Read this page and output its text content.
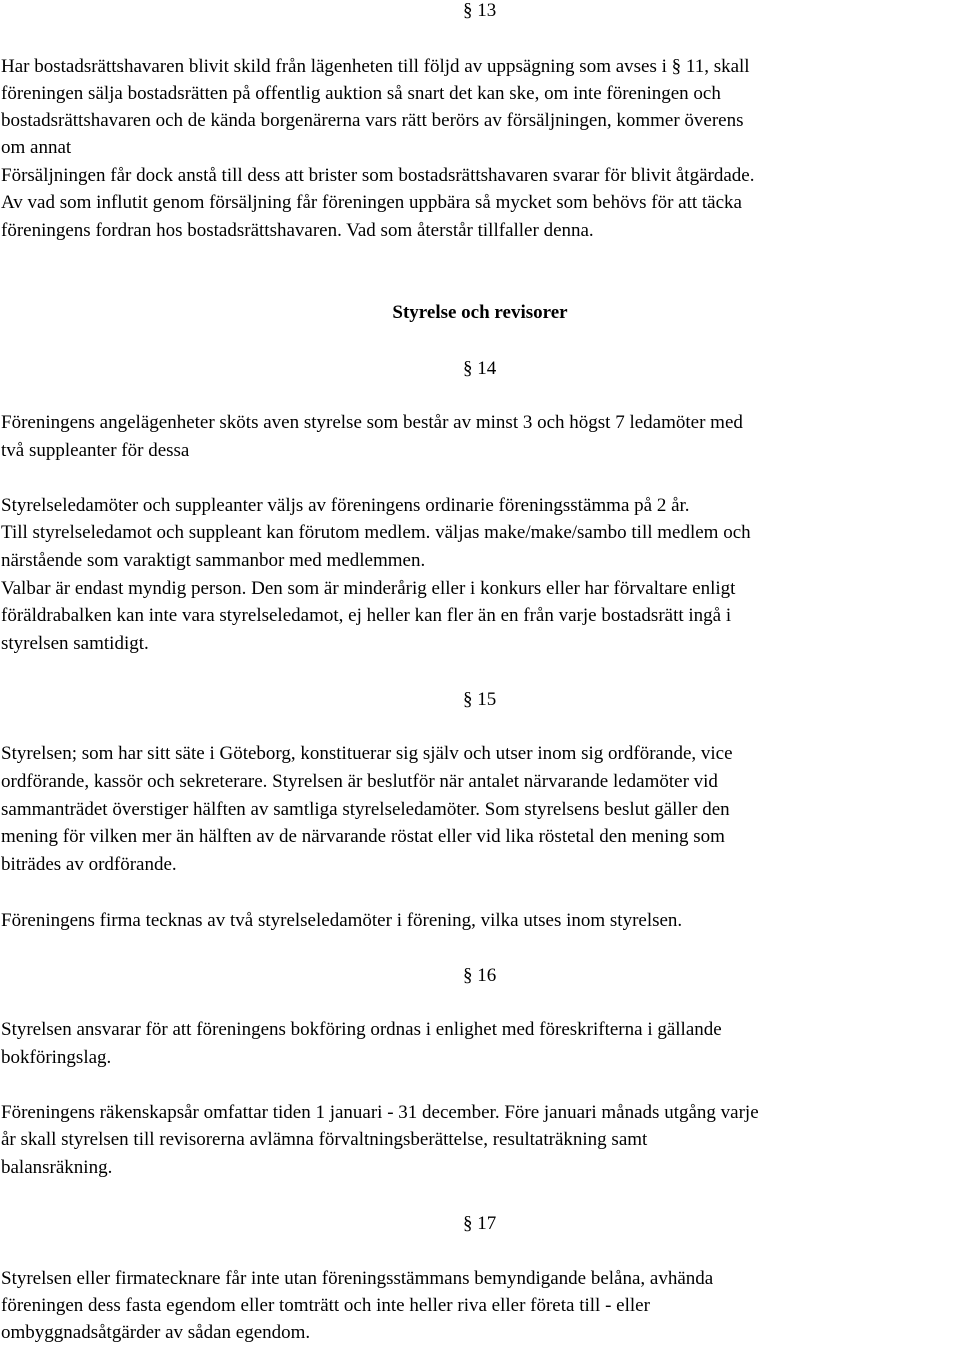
§ 13
Har bostadsrättshavaren blivit skild från lägenheten till följd av uppsägning som avses i § 11, skall
föreningen sälja bostadsrätten på offentlig auktion så snart det kan ske, om inte föreningen och
bostadsrättshavaren och de kända borgenärerna vars rätt berörs av försäljningen, kommer överens
om annat
Försäljningen får dock anstå till dess att brister som bostadsrättshavaren svarar för blivit åtgärdade.
Av vad som influtit genom försäljning får föreningen uppbära så mycket som behövs för att täcka
föreningens fordran hos bostadsrättshavaren. Vad som återstår tillfaller denna.
Styrelse och revisorer
§ 14
Föreningens angelägenheter sköts aven styrelse som består av minst 3 och högst 7 ledamöter med
två suppleanter för dessa
Styrelseledamöter och suppleanter väljs av föreningens ordinarie föreningsstämma på 2 år.
Till styrelseledamot och suppleant kan förutom medlem. väljas make/make/sambo till medlem och
närstående som varaktigt sammanbor med medlemmen.
Valbar är endast myndig person. Den som är minderårig eller i konkurs eller har förvaltare enligt
föräldrabalken kan inte vara styrelseledamot, ej heller kan fler än en från varje bostadsrätt ingå i
styrelsen samtidigt.
§ 15
Styrelsen; som har sitt säte i Göteborg, konstituerar sig själv och utser inom sig ordförande, vice
ordförande, kassör och sekreterare. Styrelsen är beslutför när antalet närvarande ledamöter vid
sammanträdet överstiger hälften av samtliga styrelseledamöter. Som styrelsens beslut gäller den
mening för vilken mer än hälften av de närvarande röstat eller vid lika röstetal den mening som
biträdes av ordförande.
Föreningens firma tecknas av två styrelseledamöter i förening, vilka utses inom styrelsen.
§ 16
Styrelsen ansvarar för att föreningens bokföring ordnas i enlighet med föreskrifterna i gällande
bokföringslag.
Föreningens räkenskapsår omfattar tiden 1 januari - 31 december. Före januari månads utgång varje
år skall styrelsen till revisorerna avlämna förvaltningsberättelse, resultaträkning samt
balansräkning.
§ 17
Styrelsen eller firmatecknare får inte utan föreningsstämmans bemyndigande belåna, avhända
föreningen dess fasta egendom eller tomträtt och inte heller riva eller företa till - eller
ombyggnadsåtgärder av sådan egendom.
